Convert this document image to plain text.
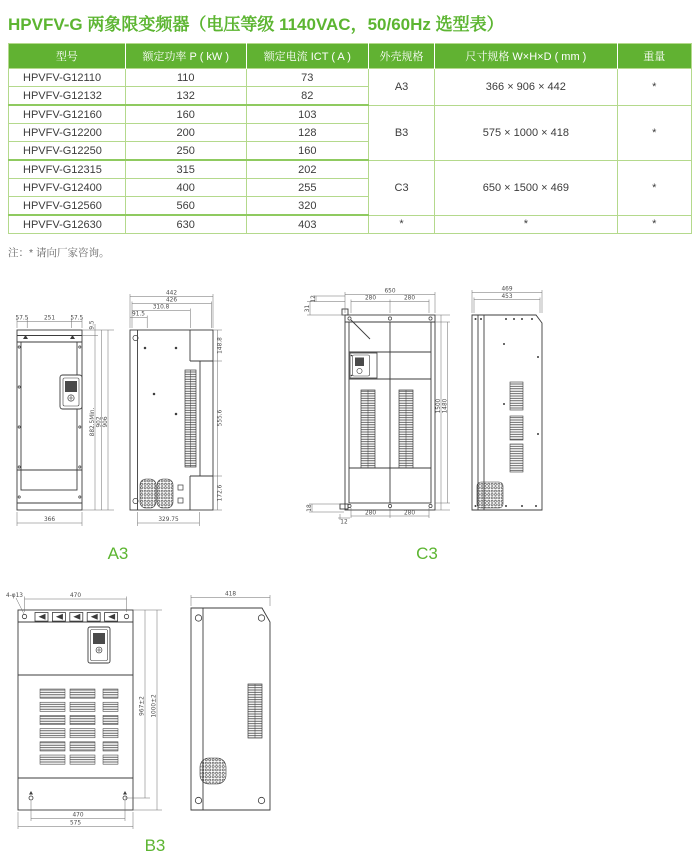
HPVFV-G 两象限变频器（电压等级 1140VAC，50/60Hz 选型表）
型号	额定功率 P ( kW )	额定电流 ICT ( A )	外壳规格	尺寸规格 W×H×D ( mm )	重量
HPVFV-G12110	110	73	A3	366 × 906 × 442	*
HPVFV-G12132	132	82			
HPVFV-G12160	160	103	B3	575 × 1000 × 418	*
HPVFV-G12200	200	128			
HPVFV-G12250	250	160			
HPVFV-G12315	315	202	C3	650 × 1500 × 469	*
HPVFV-G12400	400	255			
HPVFV-G12560	560	320			
HPVFV-G12630	630	403	*	*	*
注：* 请向厂家咨询。
57.5	251	57.5
9.5
882.5Min. 902 906
366
442
426
310.8
91.5
148.8
555.6
172.6
329.75
650
280	280
12
31
1500 1480
280	280
18
12
469
453
4-φ13	470
967±2 1000±2
470
575
418
A3	C3
B3
